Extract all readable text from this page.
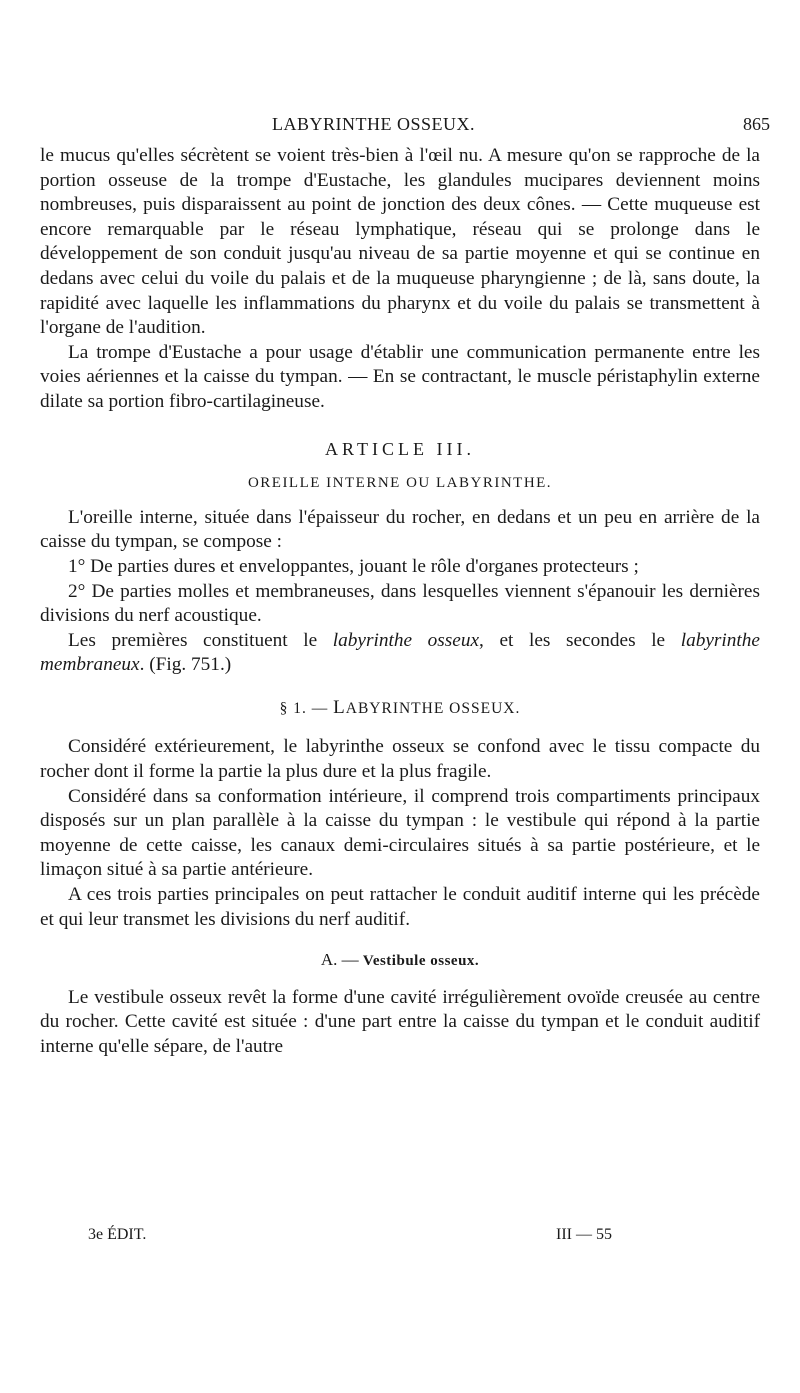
LABYRINTHE OSSEUX.	865

le mucus qu'elles sécrètent se voient très-bien à l'œil nu. A mesure qu'on se rapproche de la portion osseuse de la trompe d'Eustache, les glandules mucipares deviennent moins nombreuses, puis disparaissent au point de jonction des deux cônes. — Cette muqueuse est encore remarquable par le réseau lymphatique, réseau qui se prolonge dans le développement de son conduit jusqu'au niveau de sa partie moyenne et qui se continue en dedans avec celui du voile du palais et de la muqueuse pharyngienne ; de là, sans doute, la rapidité avec laquelle les inflammations du pharynx et du voile du palais se transmettent à l'organe de l'audition.

La trompe d'Eustache a pour usage d'établir une communication permanente entre les voies aériennes et la caisse du tympan. — En se contractant, le muscle péristaphylin externe dilate sa portion fibro-cartilagineuse.

ARTICLE III.

OREILLE INTERNE OU LABYRINTHE.

L'oreille interne, située dans l'épaisseur du rocher, en dedans et un peu en arrière de la caisse du tympan, se compose :

1° De parties dures et enveloppantes, jouant le rôle d'organes protecteurs ;

2° De parties molles et membraneuses, dans lesquelles viennent s'épanouir les dernières divisions du nerf acoustique.

Les premières constituent le labyrinthe osseux, et les secondes le labyrinthe membraneux. (Fig. 751.)

§ 1. — LABYRINTHE OSSEUX.

Considéré extérieurement, le labyrinthe osseux se confond avec le tissu compacte du rocher dont il forme la partie la plus dure et la plus fragile.

Considéré dans sa conformation intérieure, il comprend trois compartiments principaux disposés sur un plan parallèle à la caisse du tympan : le vestibule qui répond à la partie moyenne de cette caisse, les canaux demi-circulaires situés à sa partie postérieure, et le limaçon situé à sa partie antérieure.

A ces trois parties principales on peut rattacher le conduit auditif interne qui les précède et qui leur transmet les divisions du nerf auditif.

A. — Vestibule osseux.

Le vestibule osseux revêt la forme d'une cavité irrégulièrement ovoïde creusée au centre du rocher. Cette cavité est située : d'une part entre la caisse du tympan et le conduit auditif interne qu'elle sépare, de l'autre

3e ÉDIT.	III — 55
